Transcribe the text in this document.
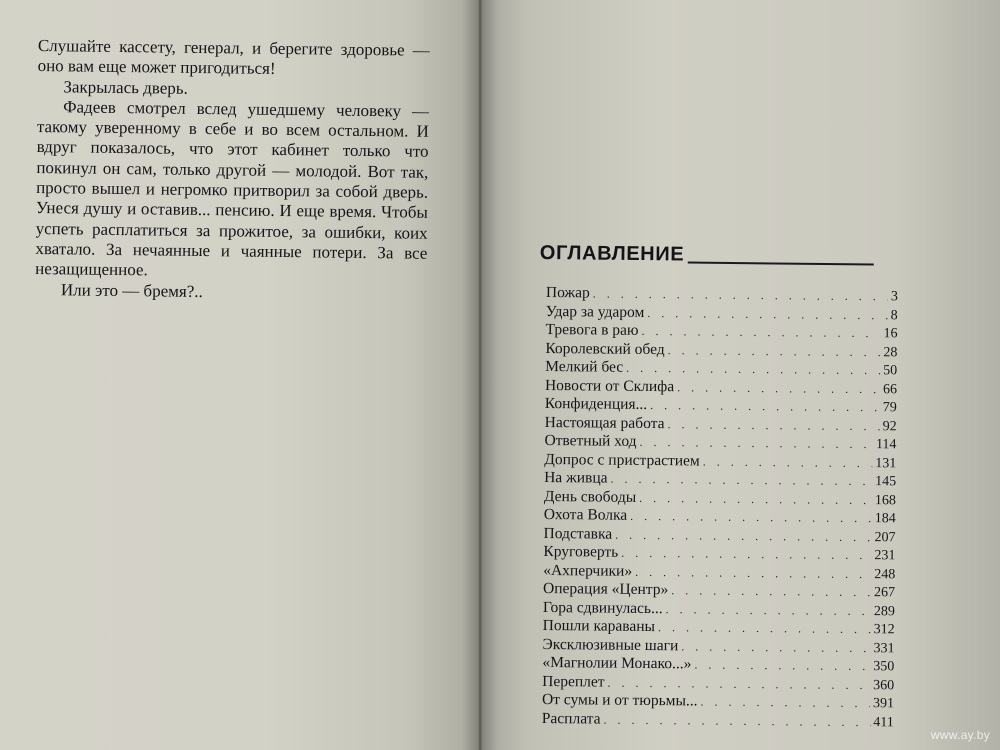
Слушайте кассету, генерал, и берегите здоровье — оно вам еще может пригодиться!

Закрылась дверь.

Фадеев смотрел вслед ушедшему человеку — такому уверенному в себе и во всем остальном. И вдруг показалось, что этот кабинет только что покинул он сам, только другой — молодой. Вот так, просто вышел и негромко притворил за собой дверь. Унеся душу и оставив... пенсию. И еще время. Чтобы успеть расплатиться за прожитое, за ошибки, коих хватало. За нечаянные и чаянные потери. За все незащищенное.

Или это — бремя?..

ОГЛАВЛЕНИЕ
Пожар . . .	3
Удар за ударом . . .	8
Тревога в раю . . .	16
Королевский обед . . .	28
Мелкий бес . . .	50
Новости от Склифа . . .	66
Конфиденция... . . .	79
Настоящая работа . . .	92
Ответный ход . . .	114
Допрос с пристрастием . . .	131
На живца . . .	145
День свободы . . .	168
Охота Волка . . .	184
Подставка . . .	207
Круговерть . . .	231
«Ахперчики» . . .	248
Операция «Центр» . . .	267
Гора сдвинулась... . . .	289
Пошли караваны . . .	312
Эксклюзивные шаги . . .	331
«Магнолии Монако...» . . .	350
Переплет . . .	360
От сумы и от тюрьмы... . . .	391
Расплата . . .	411
www.ay.by
